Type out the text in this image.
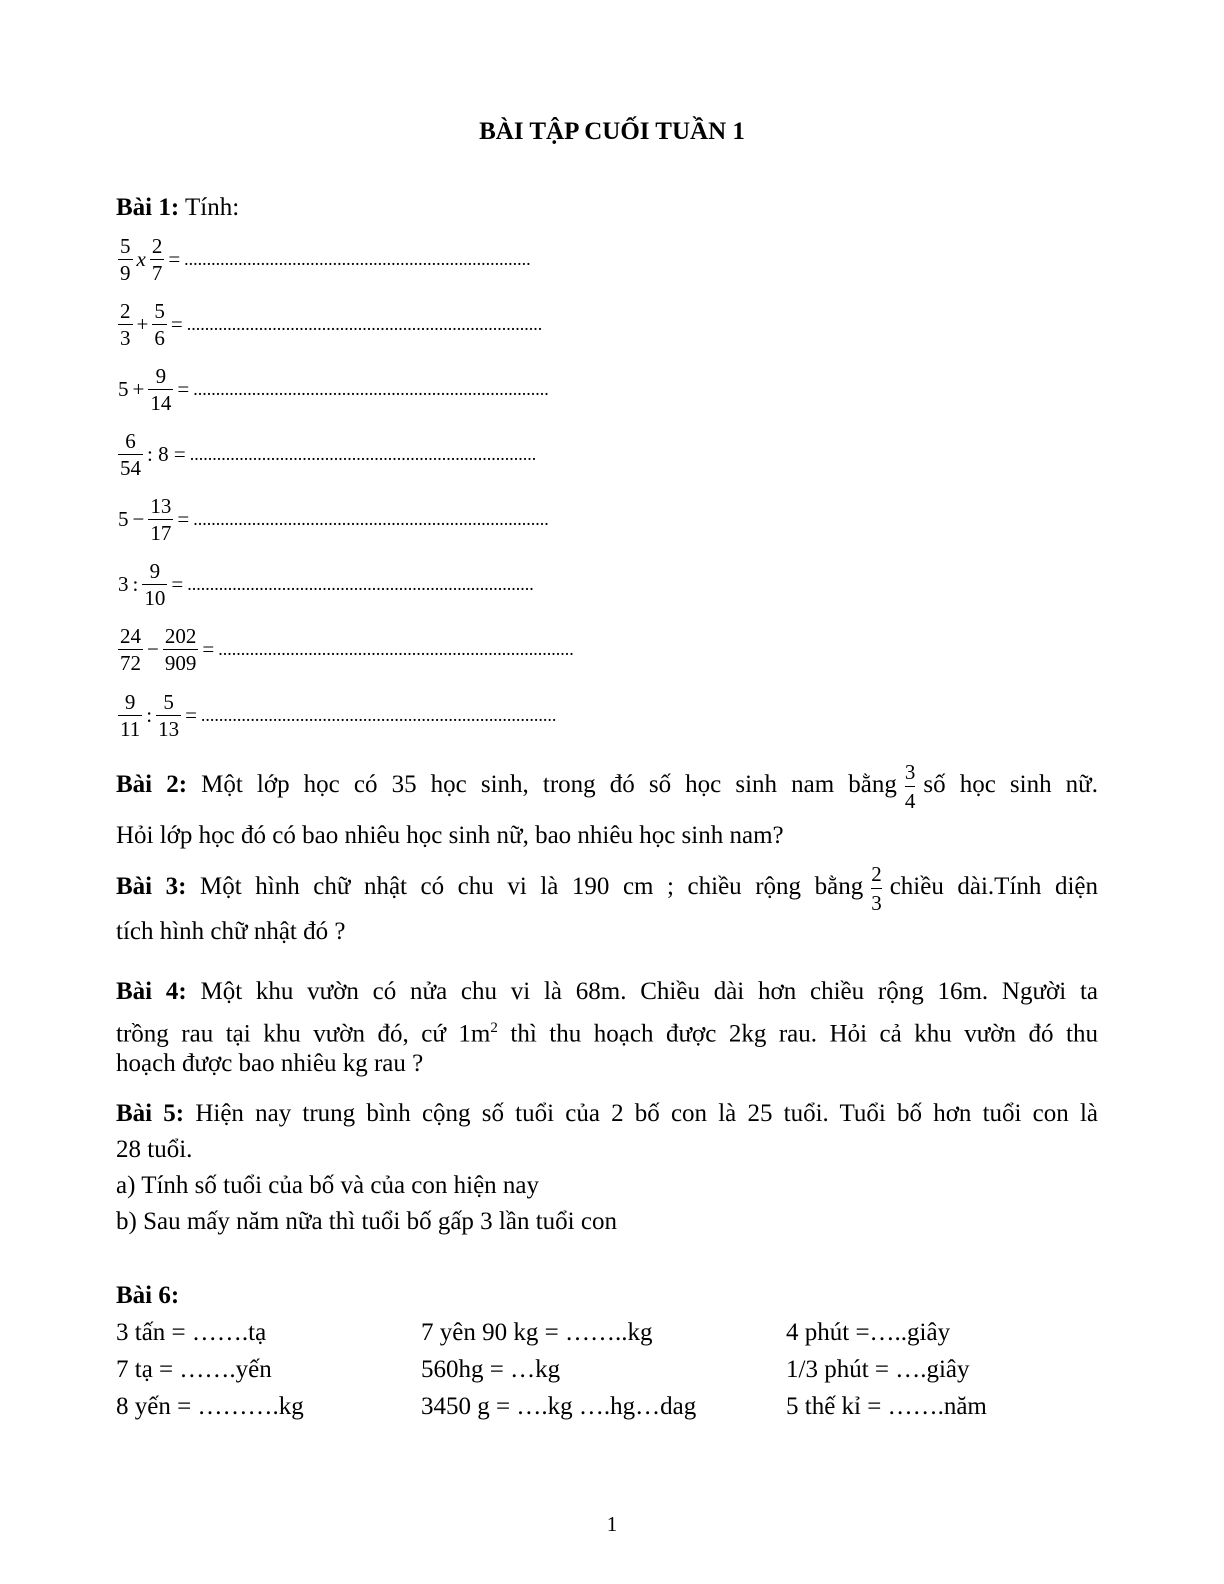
BÀI TẬP CUỐI TUẦN 1
Bài 1: Tính:
$\frac{5}{9}$ x $\frac{2}{7}$ = .............................................................................
$\frac{2}{3} + \frac{5}{6}$ = ...............................................................................
$5 + \frac{9}{14}$ = ...............................................................................
$\frac{6}{54}$ : 8 = .............................................................................
$5 - \frac{13}{17}$ = ...............................................................................
3 : $\frac{9}{10}$ = .............................................................................
$\frac{24}{72} - \frac{202}{909}$ = ...............................................................................
$\frac{9}{11}$ : $\frac{5}{13}$ = ...............................................................................
Bài 2: Một lớp học có 35 học sinh, trong đó số học sinh nam bằng $\frac{3}{4}$ số học sinh nữ.
Hỏi lớp học đó có bao nhiêu học sinh nữ, bao nhiêu học sinh nam?
Bài 3: Một hình chữ nhật có chu vi là 190 cm ; chiều rộng bằng $\frac{2}{3}$ chiều dài.Tính diện
tích hình chữ nhật đó ?
Bài 4: Một khu vườn có nửa chu vi là 68m. Chiều dài hơn chiều rộng 16m. Người ta
trồng rau tại khu vườn đó, cứ $1m^2$ thì thu hoạch được 2kg rau. Hỏi cả khu vườn đó thu
hoạch được bao nhiêu kg rau ?
Bài 5: Hiện nay trung bình cộng số tuổi của 2 bố con là 25 tuổi. Tuổi bố hơn tuổi con là
28 tuổi.
a) Tính số tuổi của bố và của con hiện nay
b) Sau mấy năm nữa thì tuổi bố gấp 3 lần tuổi con
Bài 6:
3 tấn = …….tạ	7 yên 90 kg = ……..kg	4 phút =…..giây
7 tạ = …….yến	560hg = …kg	1/3 phút = ….giây
8 yến = ……….kg	3450 g = ….kg ….hg…dag	5 thế kỉ = …….năm
1
